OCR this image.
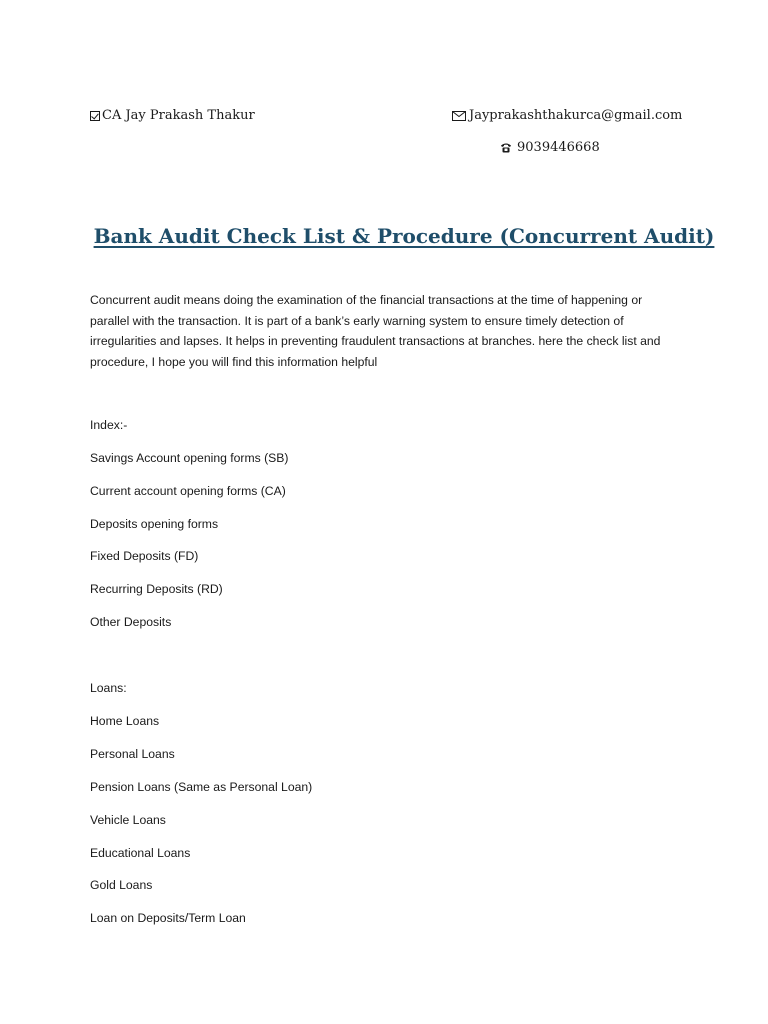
CA Jay Prakash Thakur	Jayprakashthakurca@gmail.com
9039446668
Bank Audit Check List & Procedure (Concurrent Audit)
Concurrent audit means doing the examination of the financial transactions at the time of happening or parallel with the transaction. It is part of a bank’s early warning system to ensure timely detection of irregularities and lapses. It helps in preventing fraudulent transactions at branches. here the check list and procedure, I hope you will find this information helpful
Index:-
Savings Account opening forms (SB)
Current account opening forms (CA)
Deposits opening forms
Fixed Deposits (FD)
Recurring Deposits (RD)
Other Deposits
Loans:
Home Loans
Personal Loans
Pension Loans (Same as Personal Loan)
Vehicle Loans
Educational Loans
Gold Loans
Loan on Deposits/Term Loan
